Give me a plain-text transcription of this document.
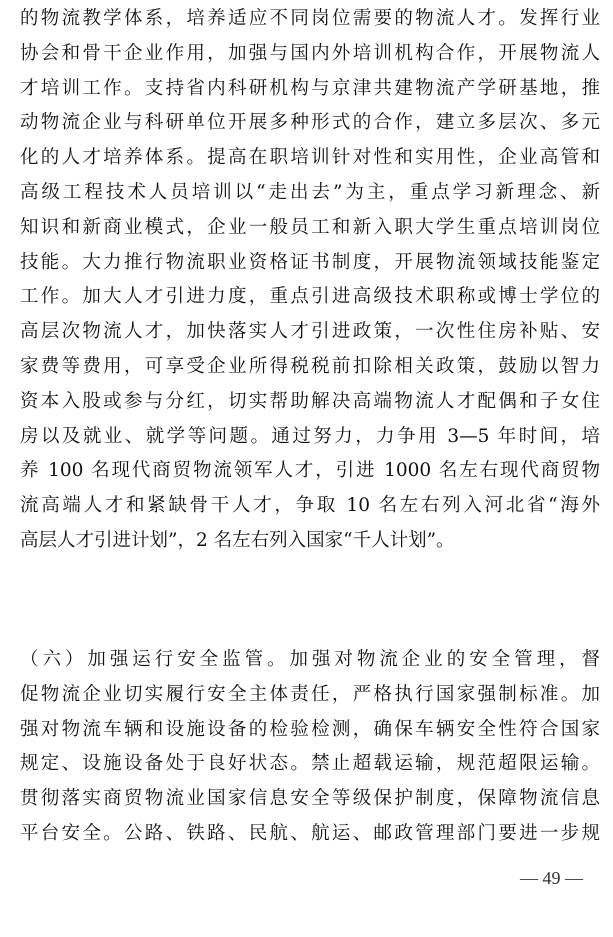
的物流教学体系，培养适应不同岗位需要的物流人才。发挥行业
协会和骨干企业作用，加强与国内外培训机构合作，开展物流人
才培训工作。支持省内科研机构与京津共建物流产学研基地，推
动物流企业与科研单位开展多种形式的合作，建立多层次、多元
化的人才培养体系。提高在职培训针对性和实用性，企业高管和
高级工程技术人员培训以“走出去”为主，重点学习新理念、新
知识和新商业模式，企业一般员工和新入职大学生重点培训岗位
技能。大力推行物流职业资格证书制度，开展物流领域技能鉴定
工作。加大人才引进力度，重点引进高级技术职称或博士学位的
高层次物流人才，加快落实人才引进政策，一次性住房补贴、安
家费等费用，可享受企业所得税税前扣除相关政策，鼓励以智力
资本入股或参与分红，切实帮助解决高端物流人才配偶和子女住
房以及就业、就学等问题。通过努力，力争用 3—5 年时间，培
养 100 名现代商贸物流领军人才，引进 1000 名左右现代商贸物
流高端人才和紧缺骨干人才，争取 10 名左右列入河北省“海外
高层人才引进计划”，2 名左右列入国家“千人计划”。
（六）加强运行安全监管。加强对物流企业的安全管理，督
促物流企业切实履行安全主体责任，严格执行国家强制标准。加
强对物流车辆和设施设备的检验检测，确保车辆安全性符合国家
规定、设施设备处于良好状态。禁止超载运输，规范超限运输。
贯彻落实商贸物流业国家信息安全等级保护制度，保障物流信息
平台安全。公路、铁路、民航、航运、邮政管理部门要进一步规
— 49 —
